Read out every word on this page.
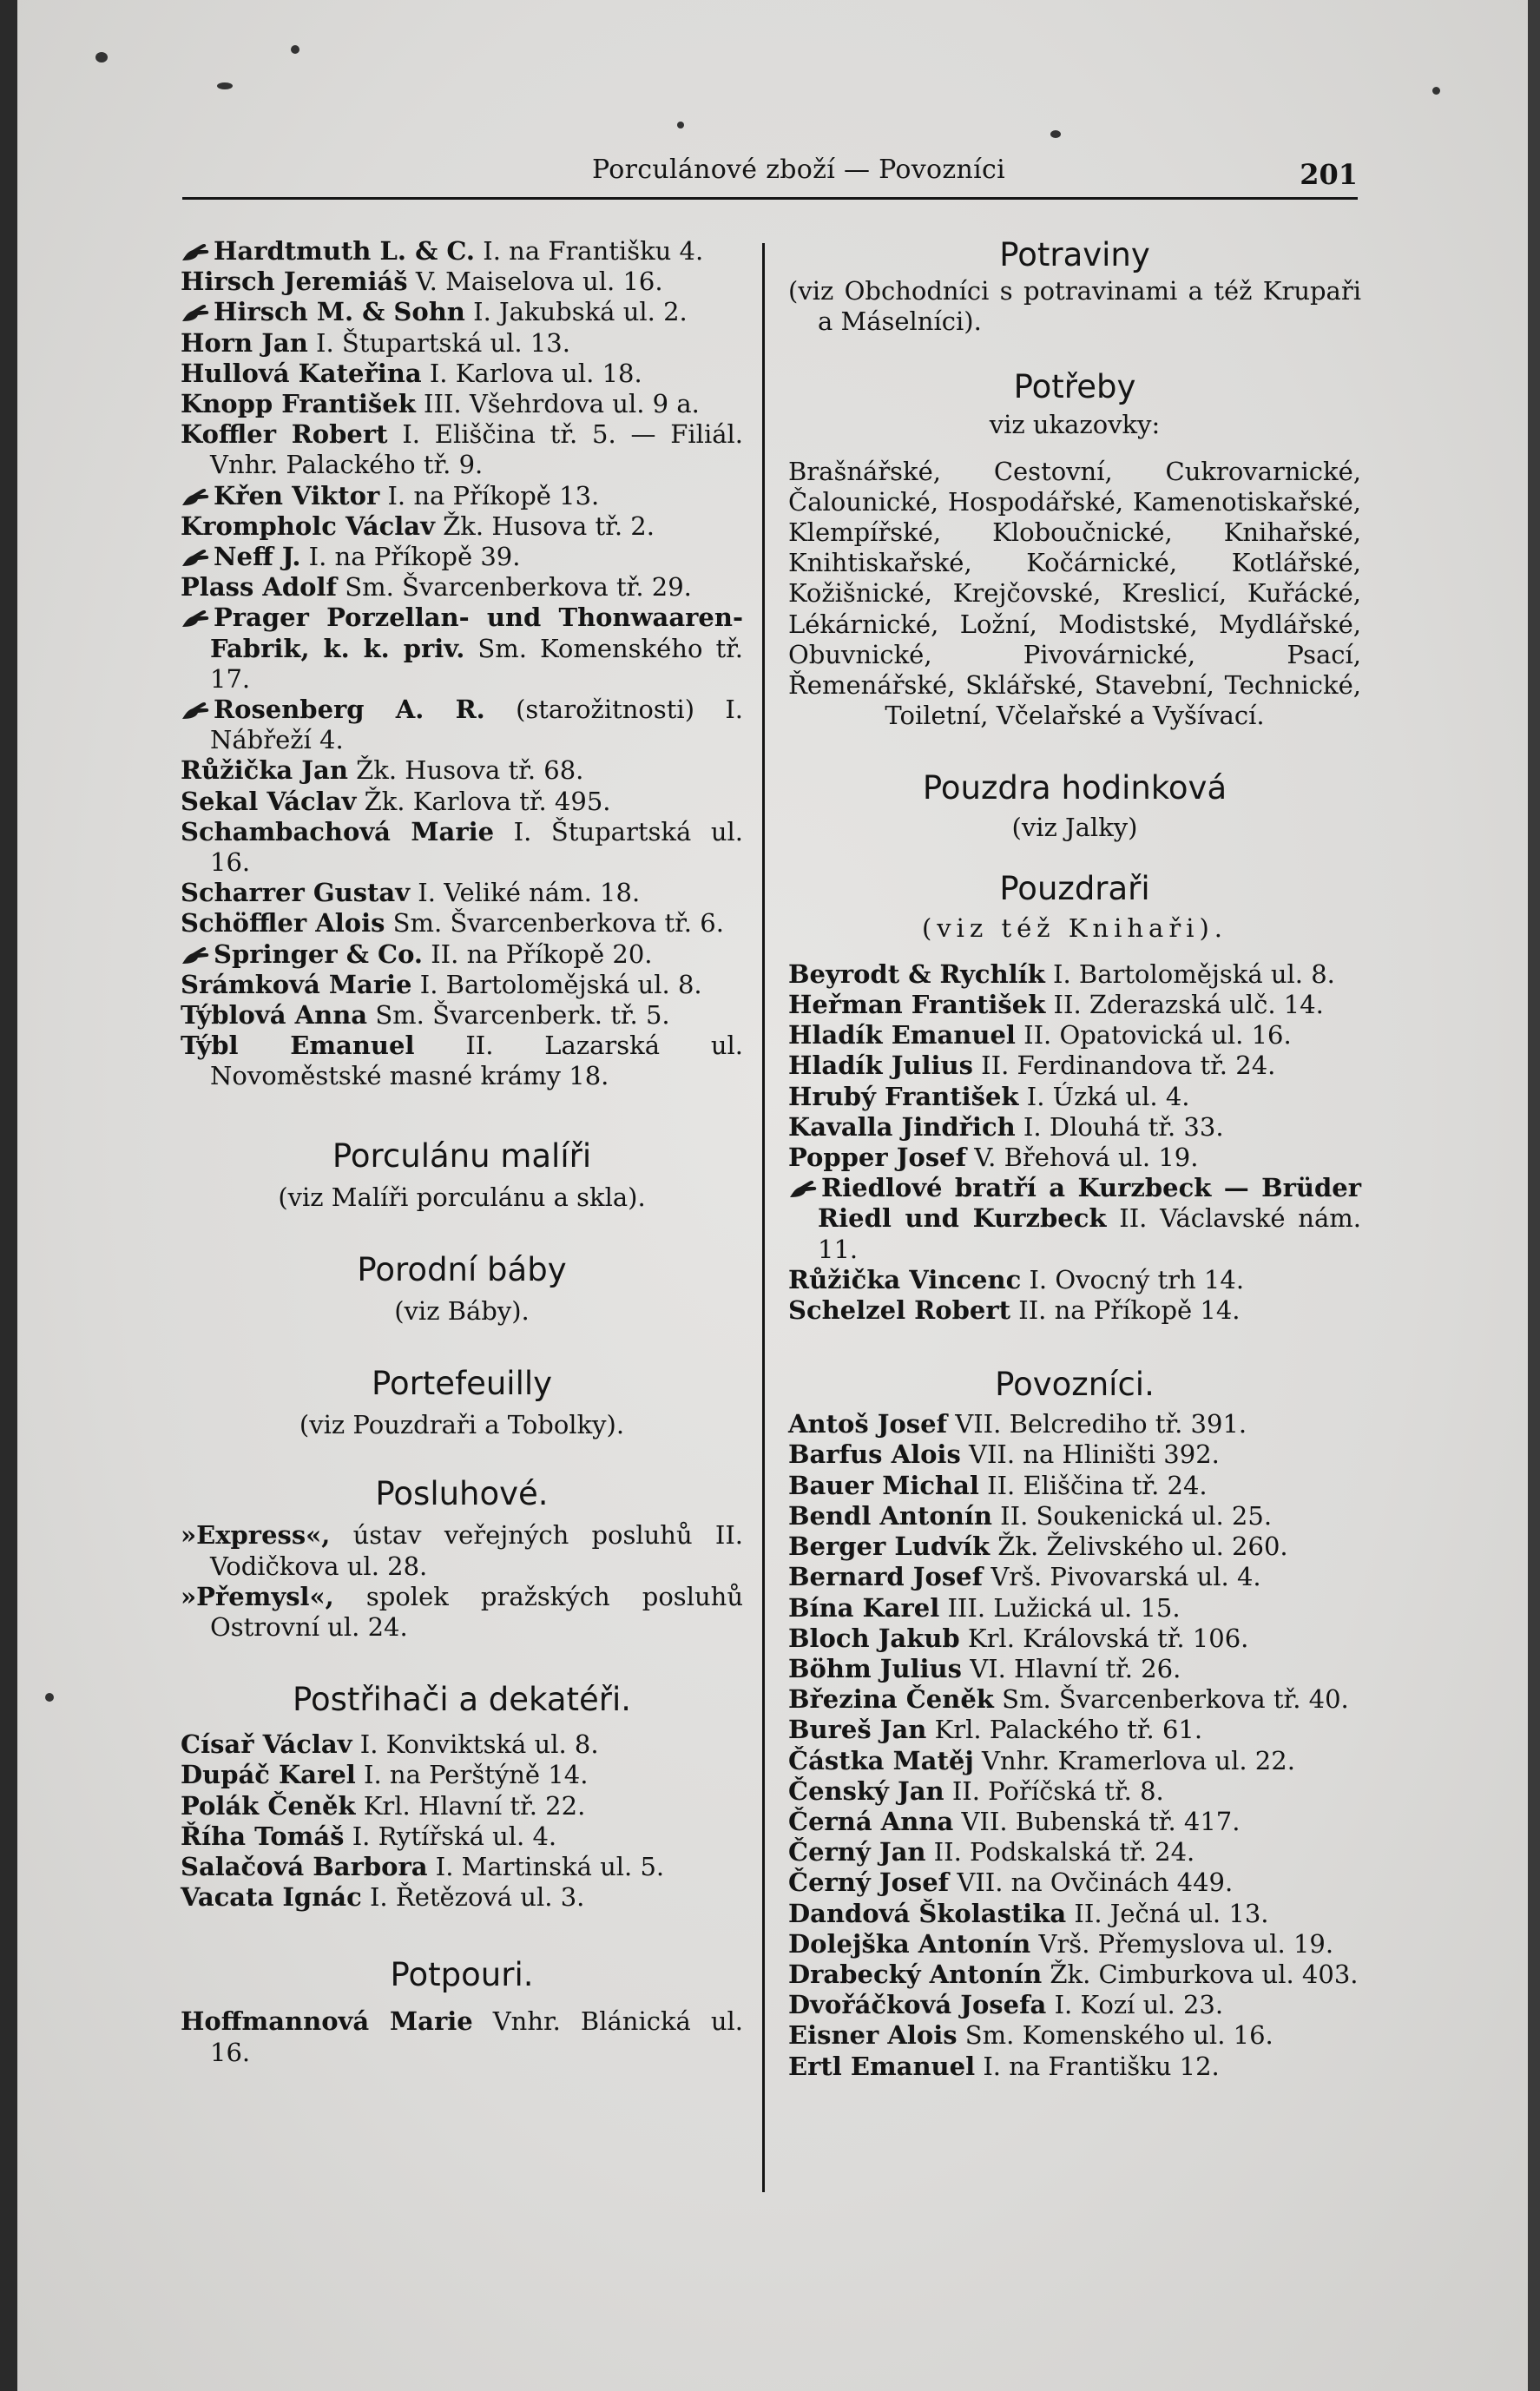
Porculánové zboží — Povozníci	201

Hardtmuth L. & C. I. na Františku 4.

Hirsch Jeremiáš V. Maiselova ul. 16.

Hirsch M. & Sohn I. Jakubská ul. 2.

Horn Jan I. Štupartská ul. 13.

Hullová Kateřina I. Karlova ul. 18.

Knopp František III. Všehrdova ul. 9 a.

Koffler Robert I. Eliščina tř. 5. — Filiál. Vnhr. Palackého tř. 9.

Křen Viktor I. na Příkopě 13.

Krompholc Václav Žk. Husova tř. 2.

Neff J. I. na Příkopě 39.

Plass Adolf Sm. Švarcenberkova tř. 29.

Prager Porzellan- und Thonwaaren-Fabrik, k. k. priv. Sm. Komenského tř. 17.

Rosenberg A. R. (starožitnosti) I. Nábřeží 4.

Růžička Jan Žk. Husova tř. 68.

Sekal Václav Žk. Karlova tř. 495.

Schambachová Marie I. Štupartská ul. 16.

Scharrer Gustav I. Veliké nám. 18.

Schöffler Alois Sm. Švarcenberkova tř. 6.

Springer & Co. II. na Příkopě 20.

Srámková Marie I. Bartolomějská ul. 8.

Týblová Anna Sm. Švarcenberk. tř. 5.

Týbl Emanuel II. Lazarská ul. Novoměstské masné krámy 18.

Porculánu malíři

(viz Malíři porculánu a skla).

Porodní báby

(viz Báby).

Portefeuilly

(viz Pouzdraři a Tobolky).

Posluhové.

»Express«, ústav veřejných posluhů II. Vodičkova ul. 28.

»Přemysl«, spolek pražských posluhů Ostrovní ul. 24.

Postřihači a dekatéři.

Císař Václav I. Konviktská ul. 8.

Dupáč Karel I. na Perštýně 14.

Polák Čeněk Krl. Hlavní tř. 22.

Říha Tomáš I. Rytířská ul. 4.

Salačová Barbora I. Martinská ul. 5.

Vacata Ignác I. Řetězová ul. 3.

Potpouri.

Hoffmannová Marie Vnhr. Blánická ul. 16.

Potraviny

(viz Obchodníci s potravinami a též Krupaři a Máselníci).

Potřeby

viz ukazovky:

Brašnářské, Cestovní, Cukrovarnické, Čalounické, Hospodářské, Kamenotiskařské, Klempířské, Kloboučnické, Knihařské, Knihtiskařské, Kočárnické, Kotlářské, Kožišnické, Krejčovské, Kreslicí, Kuřácké, Lékárnické, Ložní, Modistské, Mydlářské, Obuvnické, Pivovárnické, Psací, Řemenářské, Sklářské, Stavební, Technické, Toiletní, Včelařské a Vyšívací.

Pouzdra hodinková

(viz Jalky)

Pouzdraři

(viz též Knihaři).

Beyrodt & Rychlík I. Bartolomějská ul. 8.

Heřman František II. Zderazská ulč. 14.

Hladík Emanuel II. Opatovická ul. 16.

Hladík Julius II. Ferdinandova tř. 24.

Hrubý František I. Úzká ul. 4.

Kavalla Jindřich I. Dlouhá tř. 33.

Popper Josef V. Břehová ul. 19.

Riedlové bratří a Kurzbeck — Brüder Riedl und Kurzbeck II. Václavské nám. 11.

Růžička Vincenc I. Ovocný trh 14.

Schelzel Robert II. na Příkopě 14.

Povozníci.

Antoš Josef VII. Belcrediho tř. 391.

Barfus Alois VII. na Hliništi 392.

Bauer Michal II. Eliščina tř. 24.

Bendl Antonín II. Soukenická ul. 25.

Berger Ludvík Žk. Želivského ul. 260.

Bernard Josef Vrš. Pivovarská ul. 4.

Bína Karel III. Lužická ul. 15.

Bloch Jakub Krl. Královská tř. 106.

Böhm Julius VI. Hlavní tř. 26.

Březina Čeněk Sm. Švarcenberkova tř. 40.

Bureš Jan Krl. Palackého tř. 61.

Částka Matěj Vnhr. Kramerlova ul. 22.

Čenský Jan II. Poříčská tř. 8.

Černá Anna VII. Bubenská tř. 417.

Černý Jan II. Podskalská tř. 24.

Černý Josef VII. na Ovčinách 449.

Dandová Školastika II. Ječná ul. 13.

Dolejška Antonín Vrš. Přemyslova ul. 19.

Drabecký Antonín Žk. Cimburkova ul. 403.

Dvořáčková Josefa I. Kozí ul. 23.

Eisner Alois Sm. Komenského ul. 16.

Ertl Emanuel I. na Františku 12.
